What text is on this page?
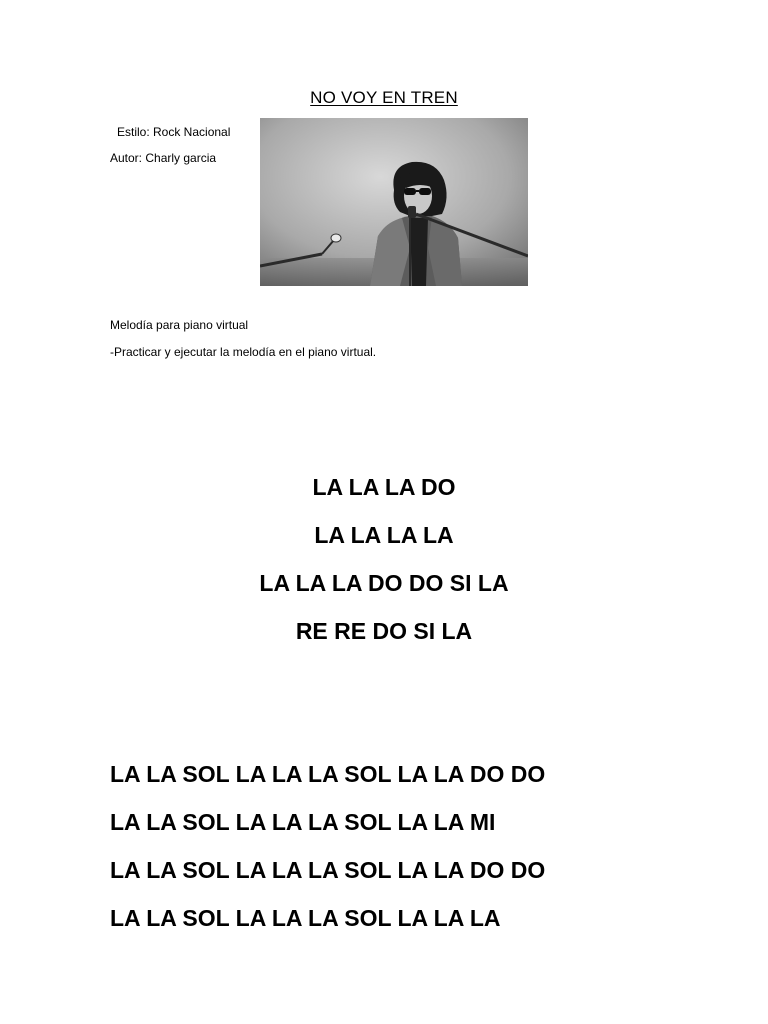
NO VOY EN TREN
Estilo: Rock Nacional
Autor: Charly garcia
Melodía para piano virtual
-Practicar y ejecutar la melodía en el piano virtual.
LA LA LA DO
LA LA LA LA
LA LA LA DO DO SI LA
RE RE DO SI LA
LA LA SOL LA LA LA SOL LA LA DO DO
LA LA SOL LA LA LA SOL LA LA MI
LA LA SOL LA LA LA SOL LA LA DO DO
LA LA SOL LA LA LA SOL LA LA LA
